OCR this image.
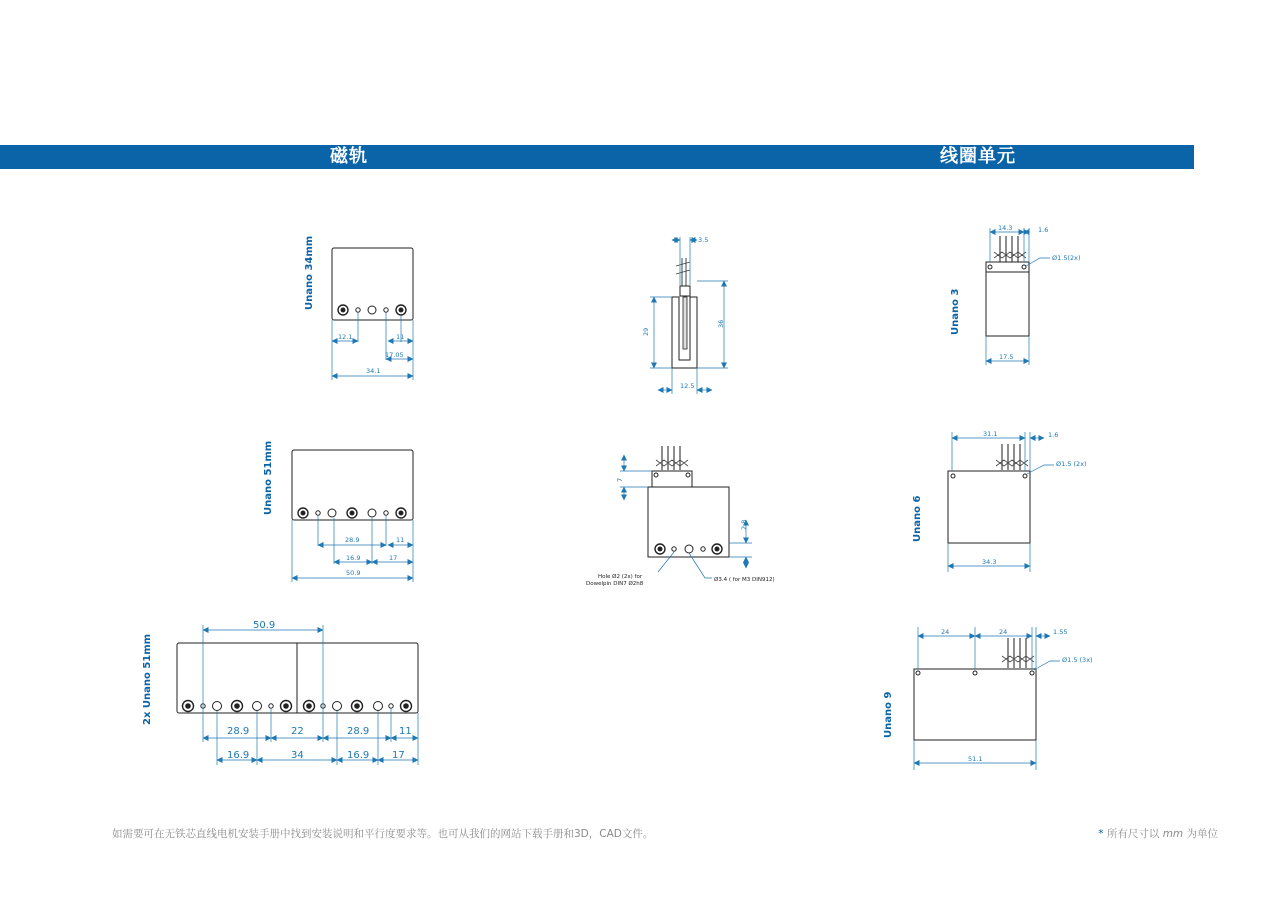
磁轨	线圈单元
Unano 34mm
12.1	11
17.05
34.1
Unano 51mm
28.9	11
16.9	17
50.9
2x Unano 51mm
50.9
28.9	22	28.9	11
16.9	34	16.9 17
3.5
29
36
12.5
7
2.8
Hole Ø2 (2x) for
Dowelpin DIN7 Ø2h8
Ø3.4 ( for M3 DIN912)
Unano 3
14.3	1.6
Ø1.5(2x)
17.5
Unano 6
31.1	1.6
Ø1.5 (2x)
34.3
Unano 9
24	24	1.55
Ø1.5 (3x)
51.1
如需要可在无铁芯直线电机安装手册中找到安装说明和平行度要求等。也可从我们的网站下载手册和3D，CAD文件。	* 所有尺寸以 mm 为单位
